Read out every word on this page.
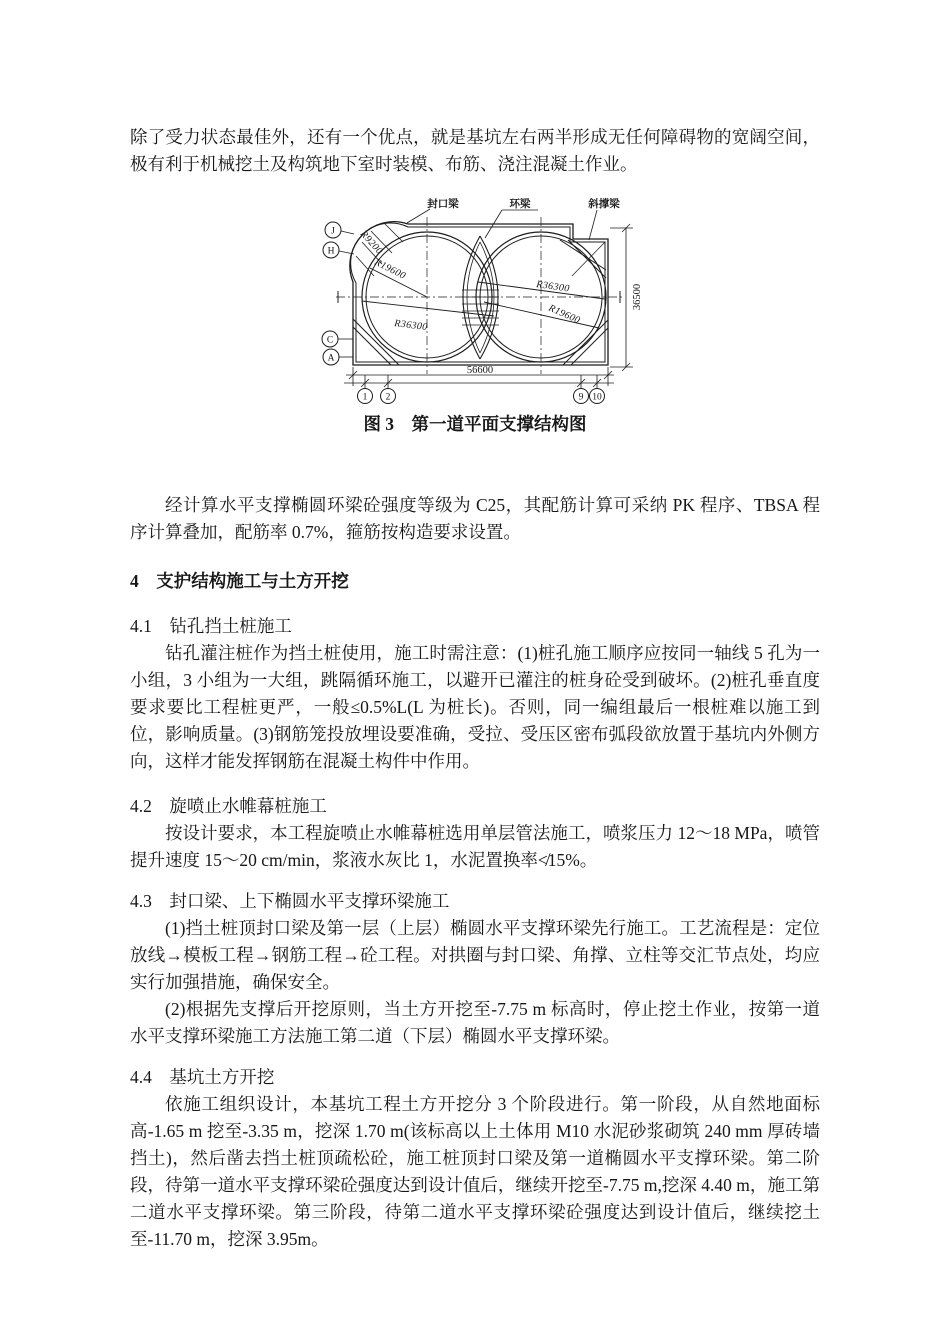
除了受力状态最佳外，还有一个优点，就是基坑左右两半形成无任何障碍物的宽阔空间，极有利于机械挖土及构筑地下室时装模、布筋、浇注混凝土作业。

R9200
R19600
R36300
R36300
R19600
56600
1 2	9 10
36500
J
H
C
A
封口梁	环梁	斜撑梁

图 3　第一道平面支撑结构图

经计算水平支撑椭圆环梁砼强度等级为 C25，其配筋计算可采纳 PK 程序、TBSA 程序计算叠加，配筋率 0.7%，箍筋按构造要求设置。

4　支护结构施工与土方开挖

4.1　钻孔挡土桩施工

钻孔灌注桩作为挡土桩使用，施工时需注意：(1)桩孔施工顺序应按同一轴线 5 孔为一小组，3 小组为一大组，跳隔循环施工，以避开已灌注的桩身砼受到破坏。(2)桩孔垂直度要求要比工程桩更严，一般≤0.5%L(L 为桩长)。否则，同一编组最后一根桩难以施工到位，影响质量。(3)钢筋笼投放埋设要准确，受拉、受压区密布弧段欲放置于基坑内外侧方向，这样才能发挥钢筋在混凝土构件中作用。

4.2　旋喷止水帷幕桩施工

按设计要求，本工程旋喷止水帷幕桩选用单层管法施工，喷浆压力 12～18 MPa，喷管提升速度 15～20 cm/min，浆液水灰比 1，水泥置换率≮15%。

4.3　封口梁、上下椭圆水平支撑环梁施工

(1)挡土桩顶封口梁及第一层（上层）椭圆水平支撑环梁先行施工。工艺流程是：定位放线→模板工程→钢筋工程→砼工程。对拱圈与封口梁、角撑、立柱等交汇节点处，均应实行加强措施，确保安全。

(2)根据先支撑后开挖原则，当土方开挖至-7.75 m 标高时，停止挖土作业，按第一道水平支撑环梁施工方法施工第二道（下层）椭圆水平支撑环梁。

4.4　基坑土方开挖

依施工组织设计，本基坑工程土方开挖分 3 个阶段进行。第一阶段，从自然地面标高-1.65 m 挖至-3.35 m，挖深 1.70 m(该标高以上土体用 M10 水泥砂浆砌筑 240 mm 厚砖墙挡土)，然后凿去挡土桩顶疏松砼，施工桩顶封口梁及第一道椭圆水平支撑环梁。第二阶段，待第一道水平支撑环梁砼强度达到设计值后，继续开挖至-7.75 m,挖深 4.40 m，施工第二道水平支撑环梁。第三阶段，待第二道水平支撑环梁砼强度达到设计值后，继续挖土至-11.70 m，挖深 3.95m。
